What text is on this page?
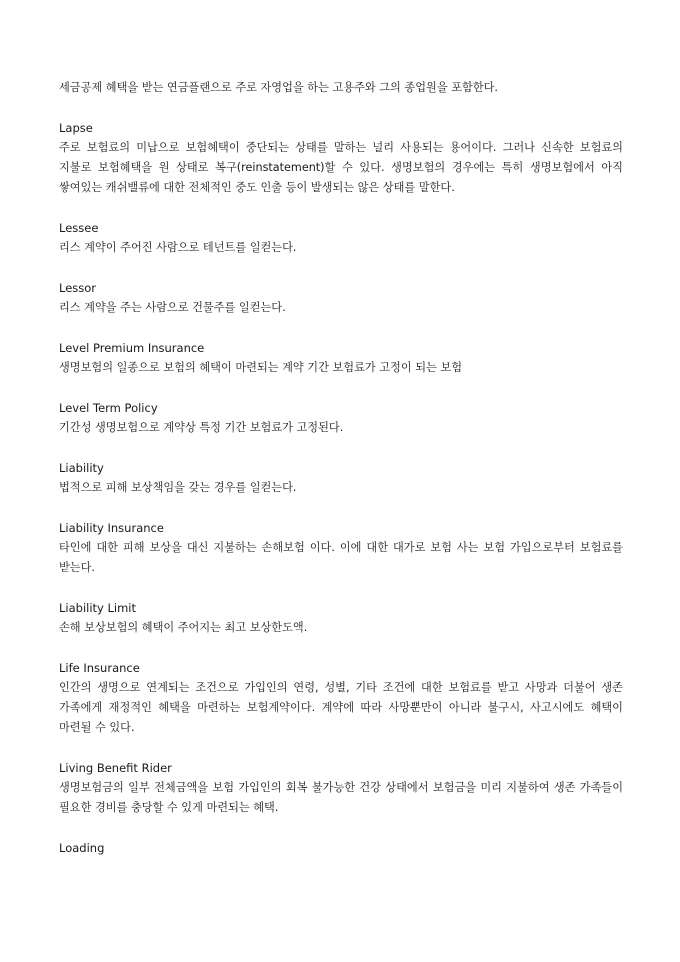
세금공제 혜택을 받는 연금플랜으로 주로 자영업을 하는 고용주와 그의 종업원을 포함한다.

Lapse

주로 보험료의 미납으로 보험혜택이 중단되는 상태를 말하는 널리 사용되는 용어이다. 그러나 신속한 보험료의 지불로 보험혜택을 원 상태로 복구(reinstatement)할 수 있다. 생명보험의 경우에는 특히 생명보험에서 아직 쌓여있는 캐쉬밸류에 대한 전체적인 중도 인출 등이 발생되는 않은 상태를 말한다.

Lessee

리스 계약이 주어진 사람으로 테넌트를 일컫는다.

Lessor

리스 계약을 주는 사람으로 건물주를 일컫는다.

Level Premium Insurance

생명보험의 일종으로 보험의 혜택이 마련되는 계약 기간 보험료가 고정이 되는 보험

Level Term Policy

기간성 생명보험으로 계약상 특정 기간 보험료가 고정된다.

Liability

법적으로 피해 보상책임을 갖는 경우를 일컫는다.

Liability Insurance

타인에 대한 피해 보상을 대신 지불하는 손해보험 이다. 이에 대한 대가로 보험 사는 보험 가입으로부터 보험료를 받는다.

Liability Limit

손해 보상보험의 혜택이 주어지는 최고 보상한도액.

Life Insurance

인간의 생명으로 연계되는 조건으로 가입인의 연령, 성별, 기타 조건에 대한 보험료를 받고 사망과 더불어 생존 가족에게 재정적인 혜택을 마련하는 보험계약이다. 계약에 따라 사망뿐만이 아니라 불구시, 사고시에도 혜택이 마련될 수 있다.

Living Benefit Rider

생명보험금의 일부 전체금액을 보험 가입인의 회복 불가능한 건강 상태에서 보험금을 미리 지불하여 생존 가족들이 필요한 경비를 충당할 수 있게 마련되는 혜택.

Loading
